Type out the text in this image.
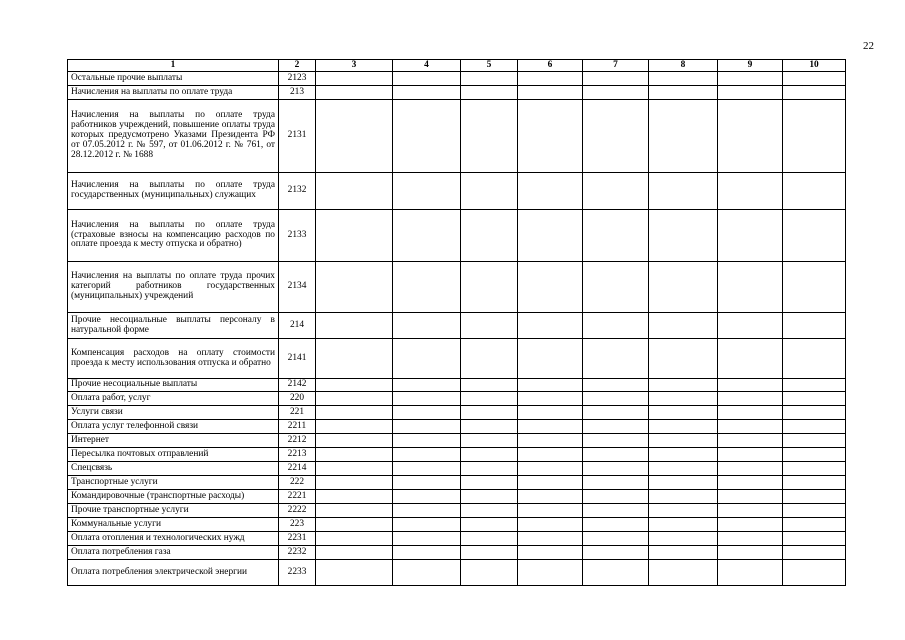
22
1	2	3	4	5	6	7	8	9	10
Остальные прочие выплаты	2123								
Начисления на выплаты по оплате труда	213								
Начисления на выплаты по оплате труда работников учреждений, повышение оплаты труда которых предусмотрено Указами Президента РФ от 07.05.2012 г. № 597, от 01.06.2012 г. № 761, от 28.12.2012 г. № 1688	2131								
Начисления на выплаты по оплате труда государственных (муниципальных) служащих	2132								
Начисления на выплаты по оплате труда (страховые взносы на компенсацию расходов по оплате проезда к месту отпуска и обратно)	2133								
Начисления на выплаты по оплате труда прочих категорий работников государственных (муниципальных) учреждений	2134								
Прочие несоциальные выплаты персоналу в натуральной форме	214								
Компенсация расходов на оплату стоимости проезда к месту использования отпуска и обратно	2141								
Прочие несоциальные выплаты	2142								
Оплата работ, услуг	220								
Услуги связи	221								
Оплата услуг телефонной связи	2211								
Интернет	2212								
Пересылка почтовых отправлений	2213								
Спецсвязь	2214								
Транспортные услуги	222								
Командировочные (транспортные расходы)	2221								
Прочие транспортные услуги	2222								
Коммунальные услуги	223								
Оплата отопления и технологических нужд	2231								
Оплата потребления газа	2232								
Оплата потребления электрической энергии	2233								
